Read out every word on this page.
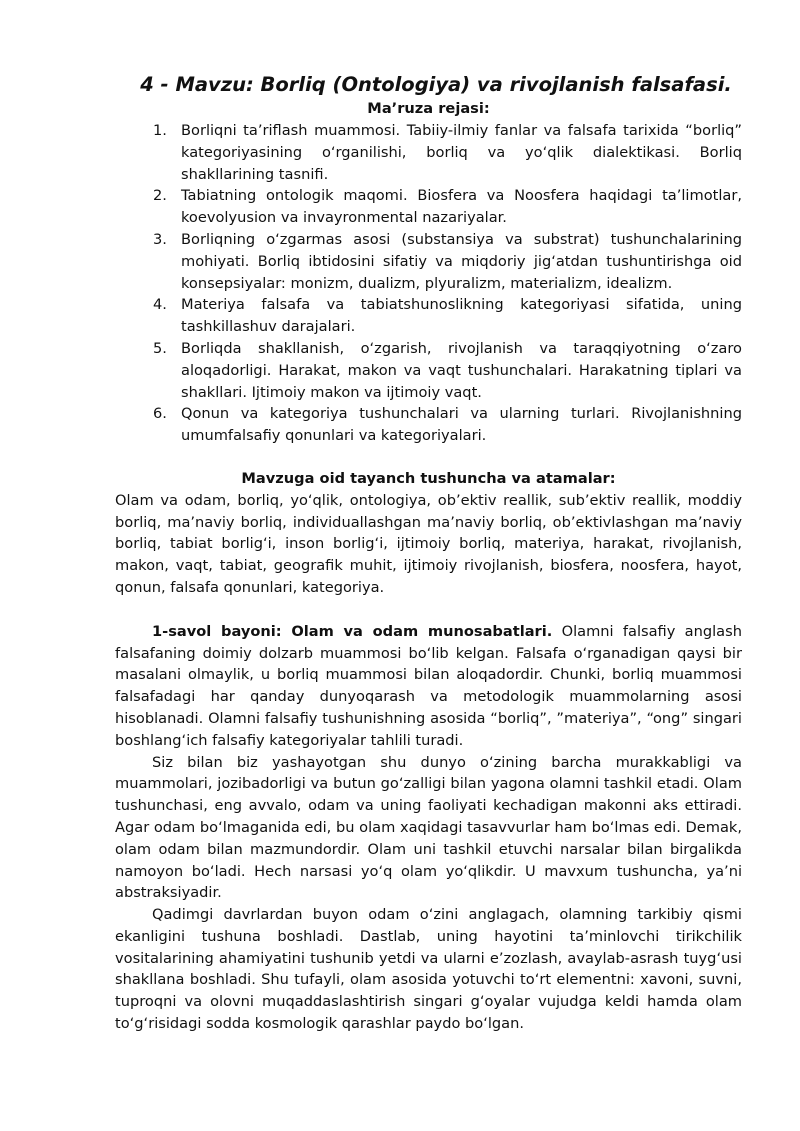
4 - Mavzu: Borliq (Ontologiya) va rivojlanish falsafasi.

Ma’ruza rejasi:

1. Borliqni ta’riflash muammosi. Tabiiy-ilmiy fanlar va falsafa tarixida “borliq” kategoriyasining o‘rganilishi, borliq va yo‘qlik dialektikasi. Borliq shakllarining tasnifi.
2. Tabiatning ontologik maqomi. Biosfera va Noosfera haqidagi ta’limotlar, koevolyusion va invayronmental nazariyalar.
3. Borliqning o‘zgarmas asosi (substansiya va substrat) tushunchalarining mohiyati. Borliq ibtidosini sifatiy va miqdoriy jig‘atdan tushuntirishga oid konsepsiyalar: monizm, dualizm, plyuralizm, materializm, idealizm.
4. Materiya falsafa va tabiatshunoslikning kategoriyasi sifatida, uning tashkillashuv darajalari.
5. Borliqda shakllanish, o‘zgarish, rivojlanish va taraqqiyotning o‘zaro aloqadorligi. Harakat, makon va vaqt tushunchalari. Harakatning tiplari va shakllari. Ijtimoiy makon va ijtimoiy vaqt.
6. Qonun va kategoriya tushunchalari va ularning turlari. Rivojlanishning umumfalsafiy qonunlari va kategoriyalari.

Mavzuga oid tayanch tushuncha va atamalar:

Olam va odam, borliq, yo‘qlik, ontologiya, ob’ektiv reallik, sub’ektiv reallik, moddiy borliq, ma’naviy borliq, individuallashgan ma’naviy borliq, ob’ektivlashgan ma’naviy borliq, tabiat borlig‘i, inson borlig‘i, ijtimoiy borliq, materiya, harakat, rivojlanish, makon, vaqt, tabiat, geografik muhit, ijtimoiy rivojlanish, biosfera, noosfera, hayot, qonun, falsafa qonunlari, kategoriya.

1-savol bayoni: Olam va odam munosabatlari. Olamni falsafiy anglash falsafaning doimiy dolzarb muammosi bo‘lib kelgan. Falsafa o‘rganadigan qaysi bir masalani olmaylik, u borliq muammosi bilan aloqadordir. Chunki, borliq muammosi falsafadagi har qanday dunyoqarash va metodologik muammolarning asosi hisoblanadi. Olamni falsafiy tushunishning asosida “borliq”, ”materiya”, “ong” singari boshlang‘ich falsafiy kategoriyalar tahlili turadi.

Siz bilan biz yashayotgan shu dunyo o‘zining barcha murakkabligi va muammolari, jozibadorligi va butun go‘zalligi bilan yagona olamni tashkil etadi. Olam tushunchasi, eng avvalo, odam va uning faoliyati kechadigan makonni aks ettiradi. Agar odam bo‘lmaganida edi, bu olam xaqidagi tasavvurlar ham bo‘lmas edi. Demak, olam odam bilan mazmundordir. Olam uni tashkil etuvchi narsalar bilan birgalikda namoyon bo‘ladi. Hech narsasi yo‘q olam yo‘qlikdir. U mavxum tushuncha, ya’ni abstraksiyadir.

Qadimgi davrlardan buyon odam o‘zini anglagach, olamning tarkibiy qismi ekanligini tushuna boshladi. Dastlab, uning hayotini ta’minlovchi tirikchilik vositalarining ahamiyatini tushunib yetdi va ularni e’zozlash, avaylab-asrash tuyg‘usi shakllana boshladi. Shu tufayli, olam asosida yotuvchi to‘rt elementni: xavoni, suvni, tuproqni va olovni muqaddaslashtirish singari g‘oyalar vujudga keldi hamda olam to‘g‘risidagi sodda kosmologik qarashlar paydo bo‘lgan.
